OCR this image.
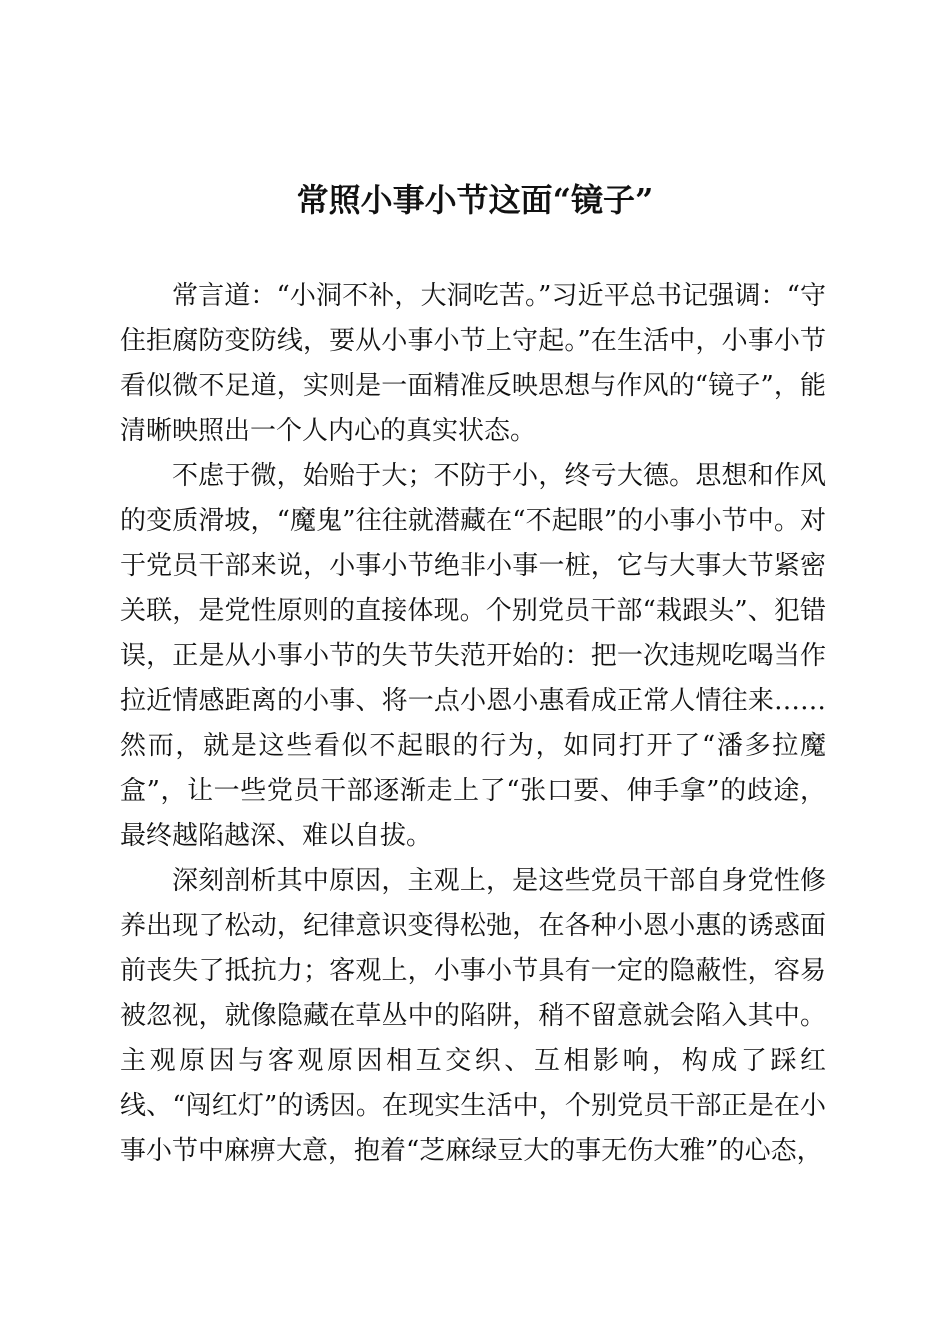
常照小事小节这面“镜子”

常言道：“小洞不补，大洞吃苦。”习近平总书记强调：“守住拒腐防变防线，要从小事小节上守起。”在生活中，小事小节看似微不足道，实则是一面精准反映思想与作风的“镜子”，能清晰映照出一个人内心的真实状态。

不虑于微，始贻于大；不防于小，终亏大德。思想和作风的变质滑坡，“魔鬼”往往就潜藏在“不起眼”的小事小节中。对于党员干部来说，小事小节绝非小事一桩，它与大事大节紧密关联，是党性原则的直接体现。个别党员干部“栽跟头”、犯错误，正是从小事小节的失节失范开始的：把一次违规吃喝当作拉近情感距离的小事、将一点小恩小惠看成正常人情往来……然而，就是这些看似不起眼的行为，如同打开了“潘多拉魔盒”，让一些党员干部逐渐走上了“张口要、伸手拿”的歧途，最终越陷越深、难以自拔。

深刻剖析其中原因，主观上，是这些党员干部自身党性修养出现了松动，纪律意识变得松弛，在各种小恩小惠的诱惑面前丧失了抵抗力；客观上，小事小节具有一定的隐蔽性，容易被忽视，就像隐藏在草丛中的陷阱，稍不留意就会陷入其中。主观原因与客观原因相互交织、互相影响，构成了踩红线、“闯红灯”的诱因。在现实生活中，个别党员干部正是在小事小节中麻痹大意，抱着“芝麻绿豆大的事无伤大雅”的心态，
